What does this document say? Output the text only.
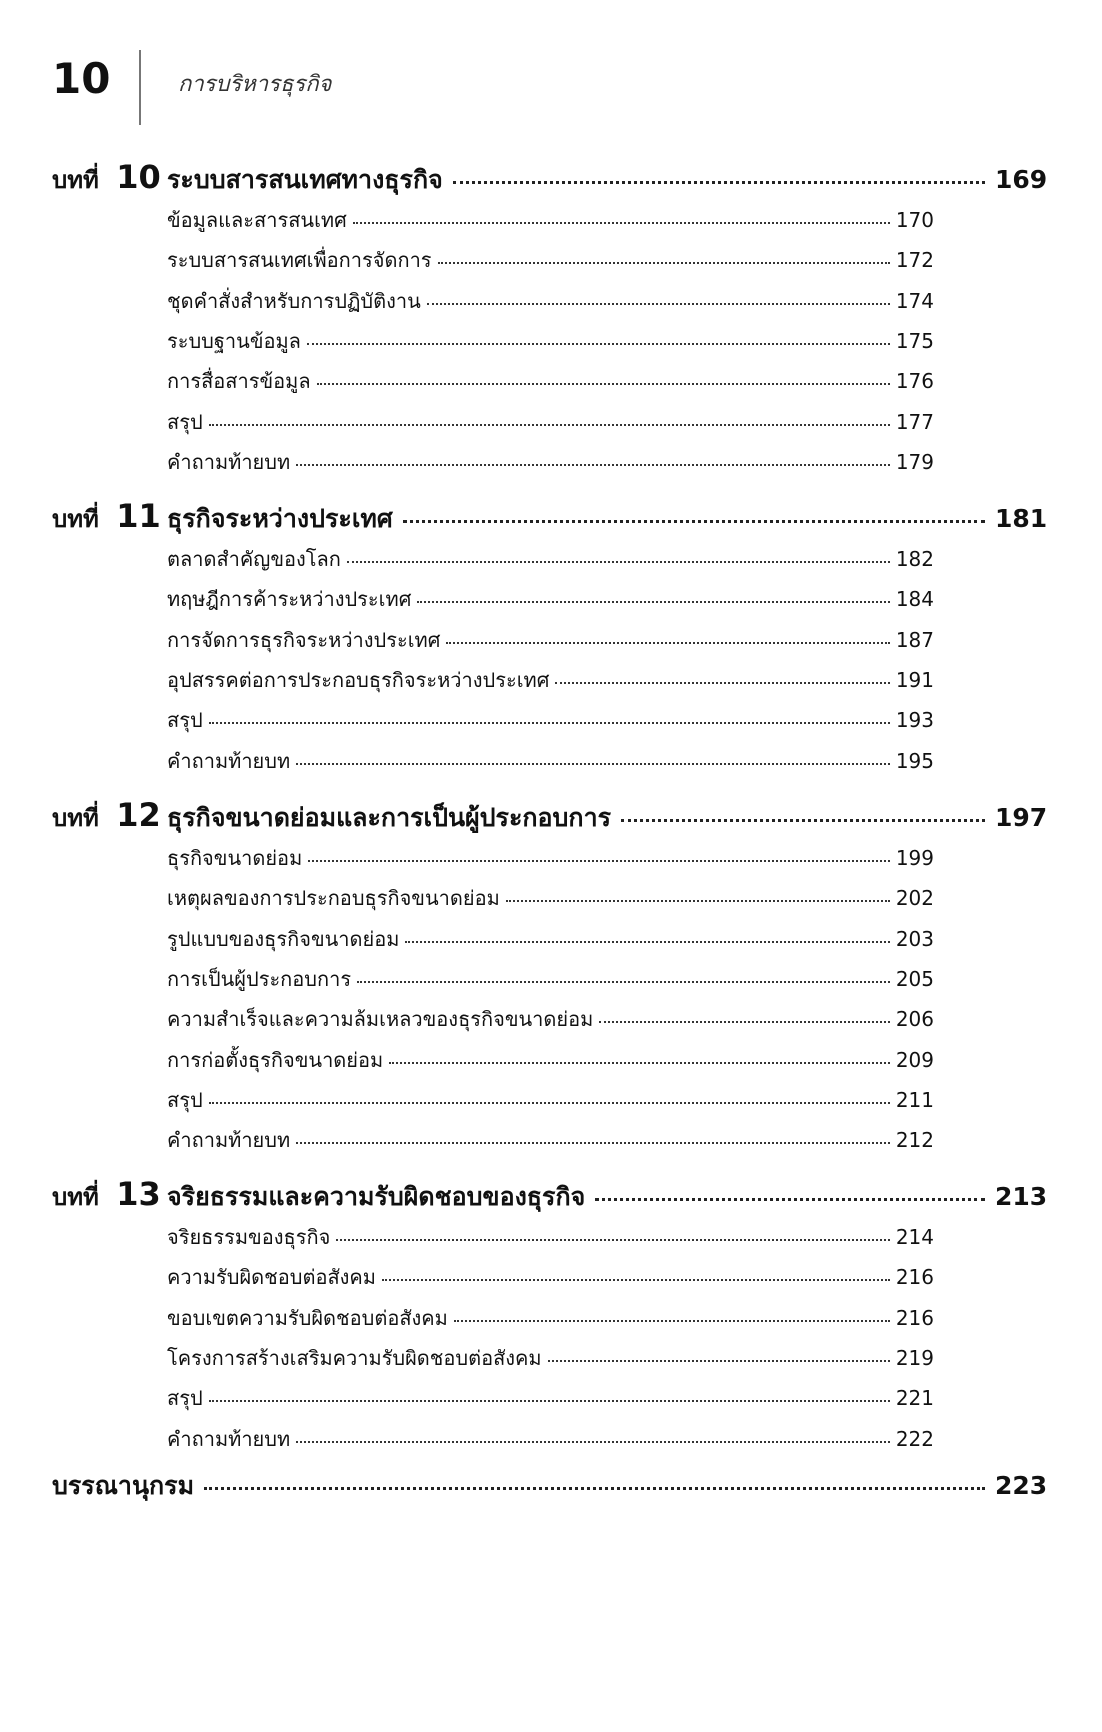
10	การบริหารธุรกิจ
บทที่ 10 ระบบสารสนเทศทางธุรกิจ	169
ข้อมูลและสารสนเทศ	170
ระบบสารสนเทศเพื่อการจัดการ	172
ชุดคำสั่งสำหรับการปฏิบัติงาน	174
ระบบฐานข้อมูล	175
การสื่อสารข้อมูล	176
สรุป	177
คำถามท้ายบท	179
บทที่ 11 ธุรกิจระหว่างประเทศ	181
ตลาดสำคัญของโลก	182
ทฤษฎีการค้าระหว่างประเทศ	184
การจัดการธุรกิจระหว่างประเทศ	187
อุปสรรคต่อการประกอบธุรกิจระหว่างประเทศ	191
สรุป	193
คำถามท้ายบท	195
บทที่ 12 ธุรกิจขนาดย่อมและการเป็นผู้ประกอบการ	197
ธุรกิจขนาดย่อม	199
เหตุผลของการประกอบธุรกิจขนาดย่อม	202
รูปแบบของธุรกิจขนาดย่อม	203
การเป็นผู้ประกอบการ	205
ความสำเร็จและความล้มเหลวของธุรกิจขนาดย่อม	206
การก่อตั้งธุรกิจขนาดย่อม	209
สรุป	211
คำถามท้ายบท	212
บทที่ 13 จริยธรรมและความรับผิดชอบของธุรกิจ	213
จริยธรรมของธุรกิจ	214
ความรับผิดชอบต่อสังคม	216
ขอบเขตความรับผิดชอบต่อสังคม	216
โครงการสร้างเสริมความรับผิดชอบต่อสังคม	219
สรุป	221
คำถามท้ายบท	222
บรรณานุกรม	223
